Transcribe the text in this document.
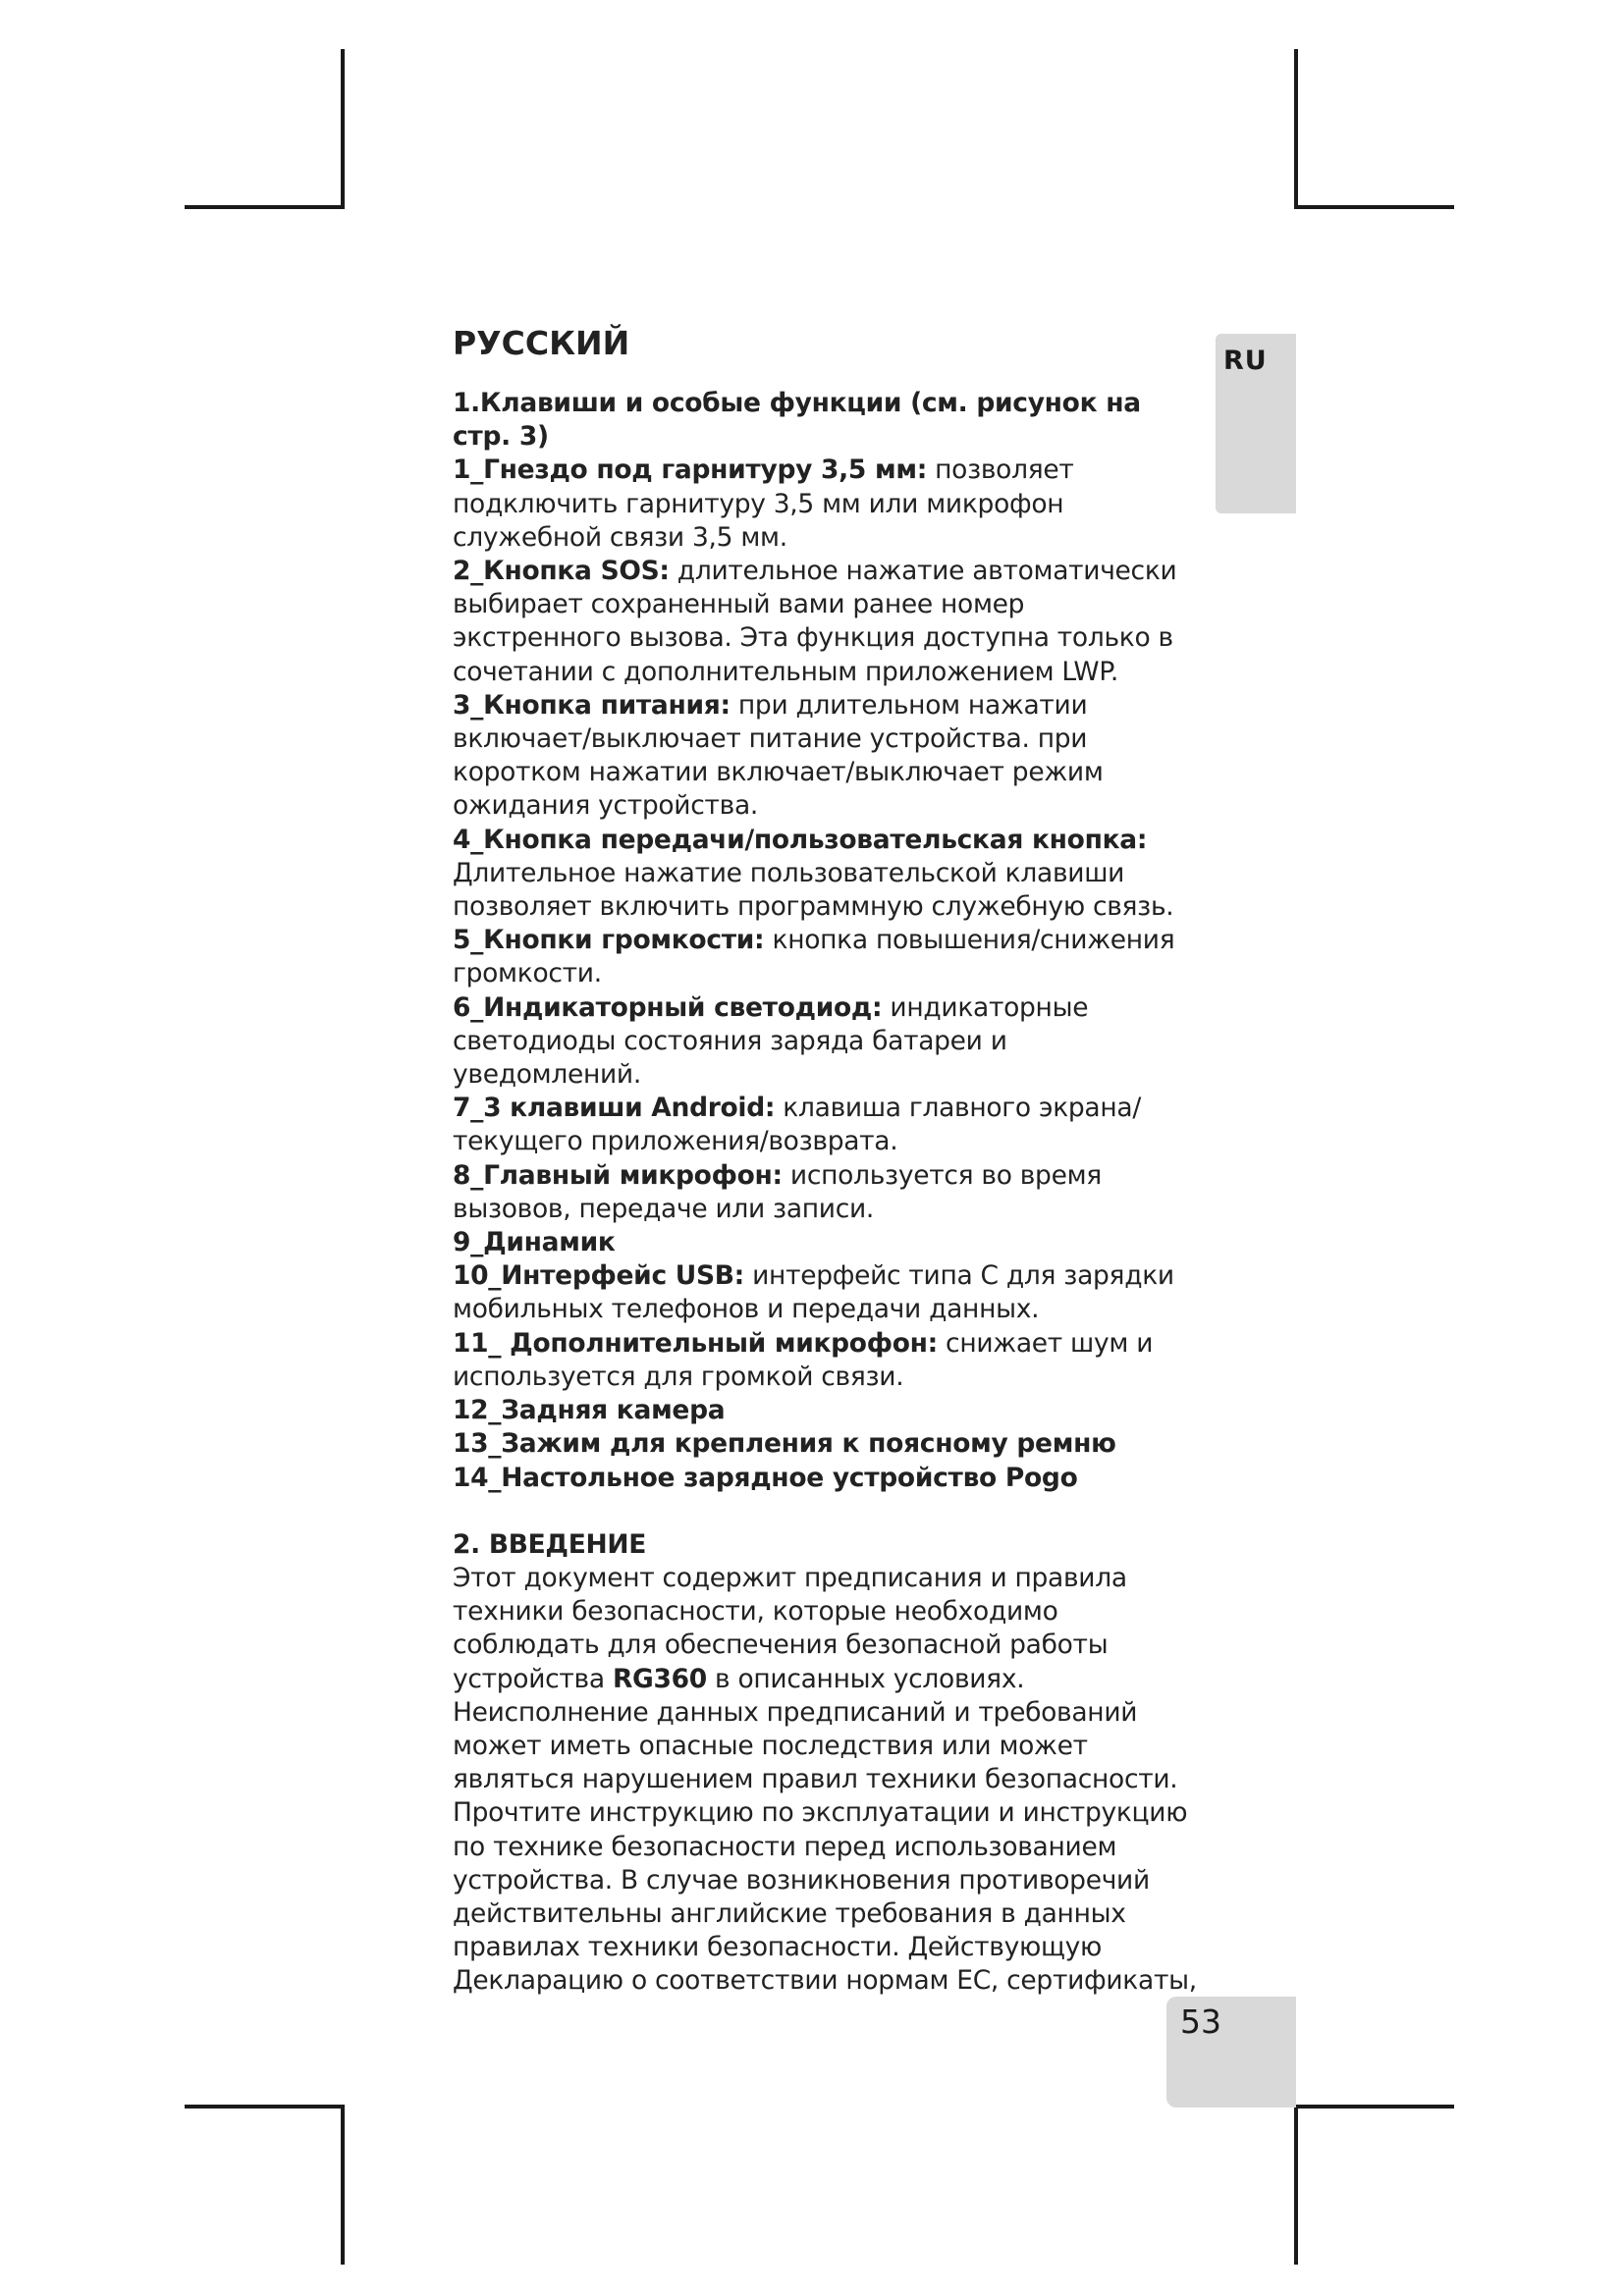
RU
53
РУССКИЙ

1.Клавиши и особые функции (см. рисунок на стр. 3)

1_Гнездо под гарнитуру 3,5 мм: позволяет подключить гарнитуру 3,5 мм или микрофон служебной связи 3,5 мм.

2_Кнопка SOS: длительное нажатие автоматически выбирает сохраненный вами ранее номер экстренного вызова. Эта функция доступна только в сочетании с дополнительным приложением LWP.

3_Кнопка питания: при длительном нажатии включает/выключает питание устройства. при коротком нажатии включает/выключает режим ожидания устройства.

4_Кнопка передачи/пользовательская кнопка: Длительное нажатие пользовательской клавиши позволяет включить программную служебную связь.

5_Кнопки громкости: кнопка повышения/снижения громкости.

6_Индикаторный светодиод: индикаторные светодиоды состояния заряда батареи и уведомлений.

7_3 клавиши Android: клавиша главного экрана/ текущего приложения/возврата.

8_Главный микрофон: используется во время вызовов, передаче или записи.

9_Динамик

10_Интерфейс USB: интерфейс типа C для зарядки мобильных телефонов и передачи данных.

11_ Дополнительный микрофон: снижает шум и используется для громкой связи.

12_Задняя камера

13_Зажим для крепления к поясному ремню

14_Настольное зарядное устройство Pogo

2. ВВЕДЕНИЕ

Этот документ содержит предписания и правила техники безопасности, которые необходимо соблюдать для обеспечения безопасной работы устройства RG360 в описанных условиях. Неисполнение данных предписаний и требований может иметь опасные последствия или может являться нарушением правил техники безопасности. Прочтите инструкцию по эксплуатации и инструкцию по технике безопасности перед использованием устройства. В случае возникновения противоречий действительны английские требования в данных правилах техники безопасности. Действующую Декларацию о соответствии нормам ЕС, сертификаты,
